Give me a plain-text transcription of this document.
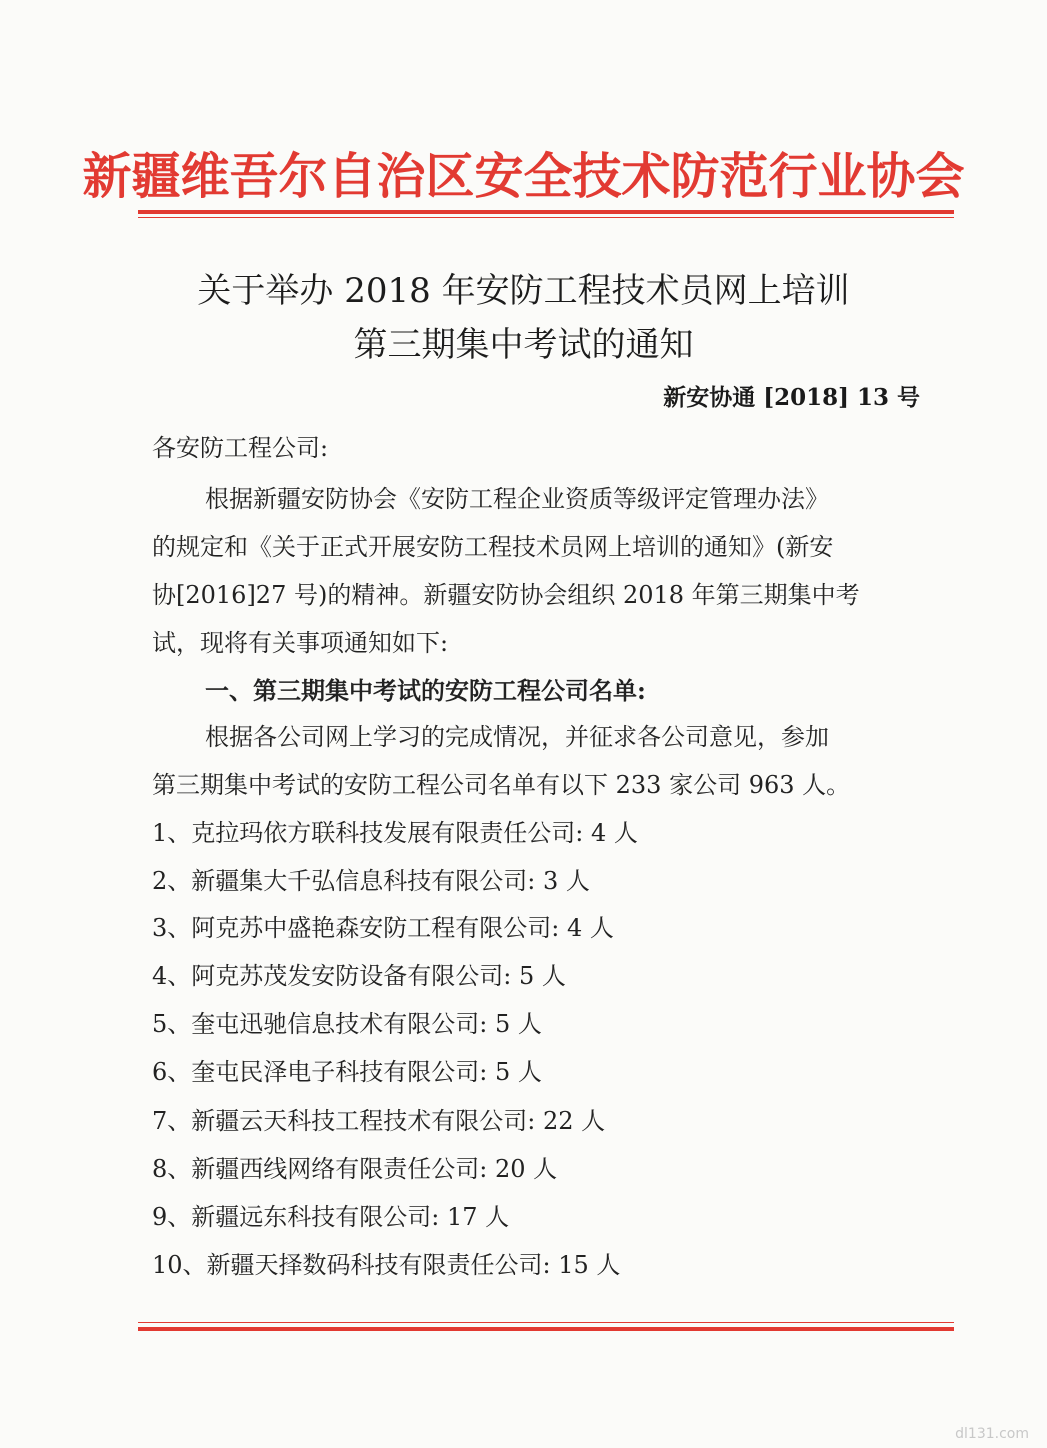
新疆维吾尔自治区安全技术防范行业协会
关于举办 2018 年安防工程技术员网上培训
第三期集中考试的通知
新安协通 [2018] 13 号
各安防工程公司:
根据新疆安防协会《安防工程企业资质等级评定管理办法》
的规定和《关于正式开展安防工程技术员网上培训的通知》(新安
协[2016]27 号)的精神。新疆安防协会组织 2018 年第三期集中考
试，现将有关事项通知如下:
一、第三期集中考试的安防工程公司名单:
根据各公司网上学习的完成情况，并征求各公司意见，参加
第三期集中考试的安防工程公司名单有以下 233 家公司 963 人。
1、克拉玛依方联科技发展有限责任公司: 4 人
2、新疆集大千弘信息科技有限公司: 3 人
3、阿克苏中盛艳森安防工程有限公司: 4 人
4、阿克苏茂发安防设备有限公司: 5 人
5、奎屯迅驰信息技术有限公司: 5 人
6、奎屯民泽电子科技有限公司: 5 人
7、新疆云天科技工程技术有限公司: 22 人
8、新疆西线网络有限责任公司: 20 人
9、新疆远东科技有限公司: 17 人
10、新疆天择数码科技有限责任公司: 15 人
dl131.com
